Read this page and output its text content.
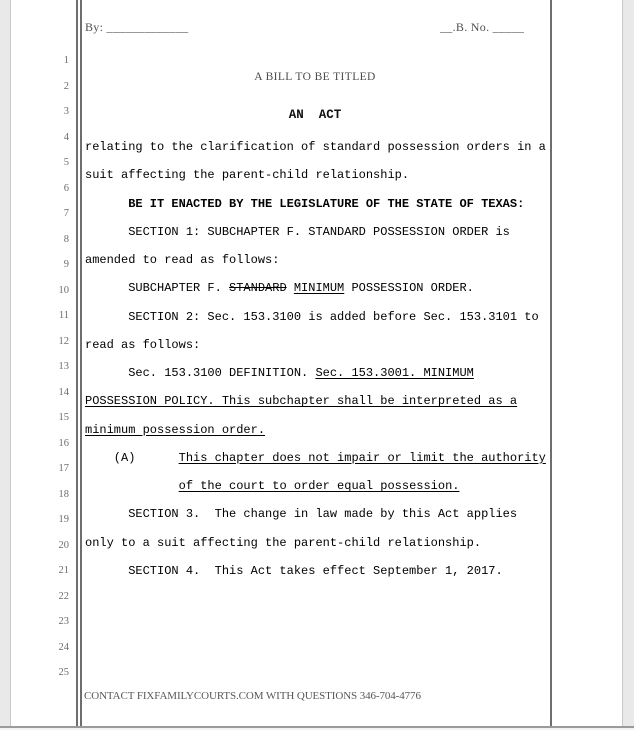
By: _____________	__.B. No. _____
1
2
3
4
5
6
7
8
9
10
11
12
13
14
15
16
17
18
19
20
21
22
23
24
25
A BILL TO BE TITLED
AN  ACT
relating to the clarification of standard possession orders in a
suit affecting the parent-child relationship.
BE IT ENACTED BY THE LEGISLATURE OF THE STATE OF TEXAS:
SECTION 1: SUBCHAPTER F. STANDARD POSSESSION ORDER is
amended to read as follows:
SUBCHAPTER F. STANDARD MINIMUM POSSESSION ORDER.
SECTION 2: Sec. 153.3100 is added before Sec. 153.3101 to
read as follows:
Sec. 153.3100 DEFINITION. Sec. 153.3001. MINIMUM
POSSESSION POLICY. This subchapter shall be interpreted as a
minimum possession order.
(A)      This chapter does not impair or limit the authority
of the court to order equal possession.
SECTION 3.  The change in law made by this Act applies
only to a suit affecting the parent-child relationship.
SECTION 4.  This Act takes effect September 1, 2017.
CONTACT FIXFAMILYCOURTS.COM WITH QUESTIONS 346-704-4776
